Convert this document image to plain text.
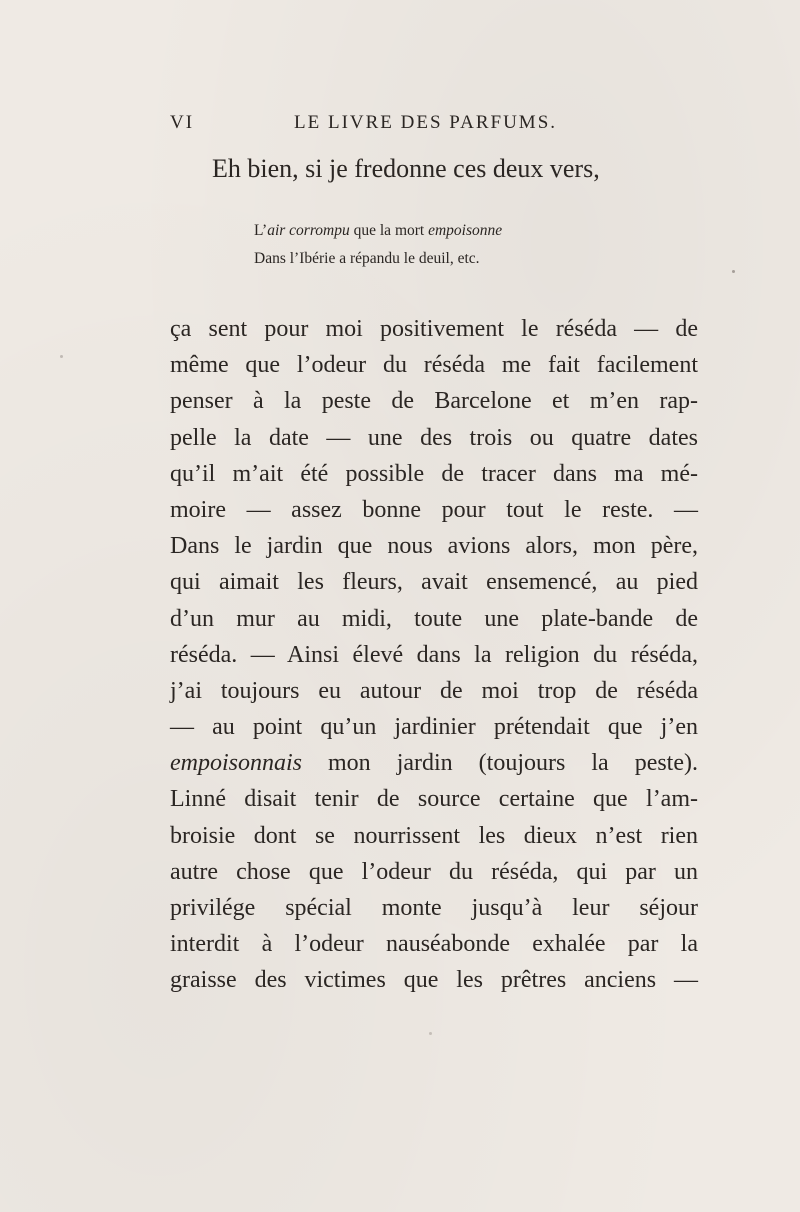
VI	LE LIVRE DES PARFUMS.
Eh bien, si je fredonne ces deux vers,
L’air corrompu que la mort empoisonne
Dans l’Ibérie a répandu le deuil, etc.
ça sent pour moi positivement le réséda — de
même que l’odeur du réséda me fait facilement
penser à la peste de Barcelone et m’en rap-
pelle la date — une des trois ou quatre dates
qu’il m’ait été possible de tracer dans ma mé-
moire — assez bonne pour tout le reste. —
Dans le jardin que nous avions alors, mon père,
qui aimait les fleurs, avait ensemencé, au pied
d’un mur au midi, toute une plate-bande de
réséda. — Ainsi élevé dans la religion du réséda,
j’ai toujours eu autour de moi trop de réséda
— au point qu’un jardinier prétendait que j’en
empoisonnais mon jardin (toujours la peste).
Linné disait tenir de source certaine que l’am-
broisie dont se nourrissent les dieux n’est rien
autre chose que l’odeur du réséda, qui par un
privilége spécial monte jusqu’à leur séjour
interdit à l’odeur nauséabonde exhalée par la
graisse des victimes que les prêtres anciens —
